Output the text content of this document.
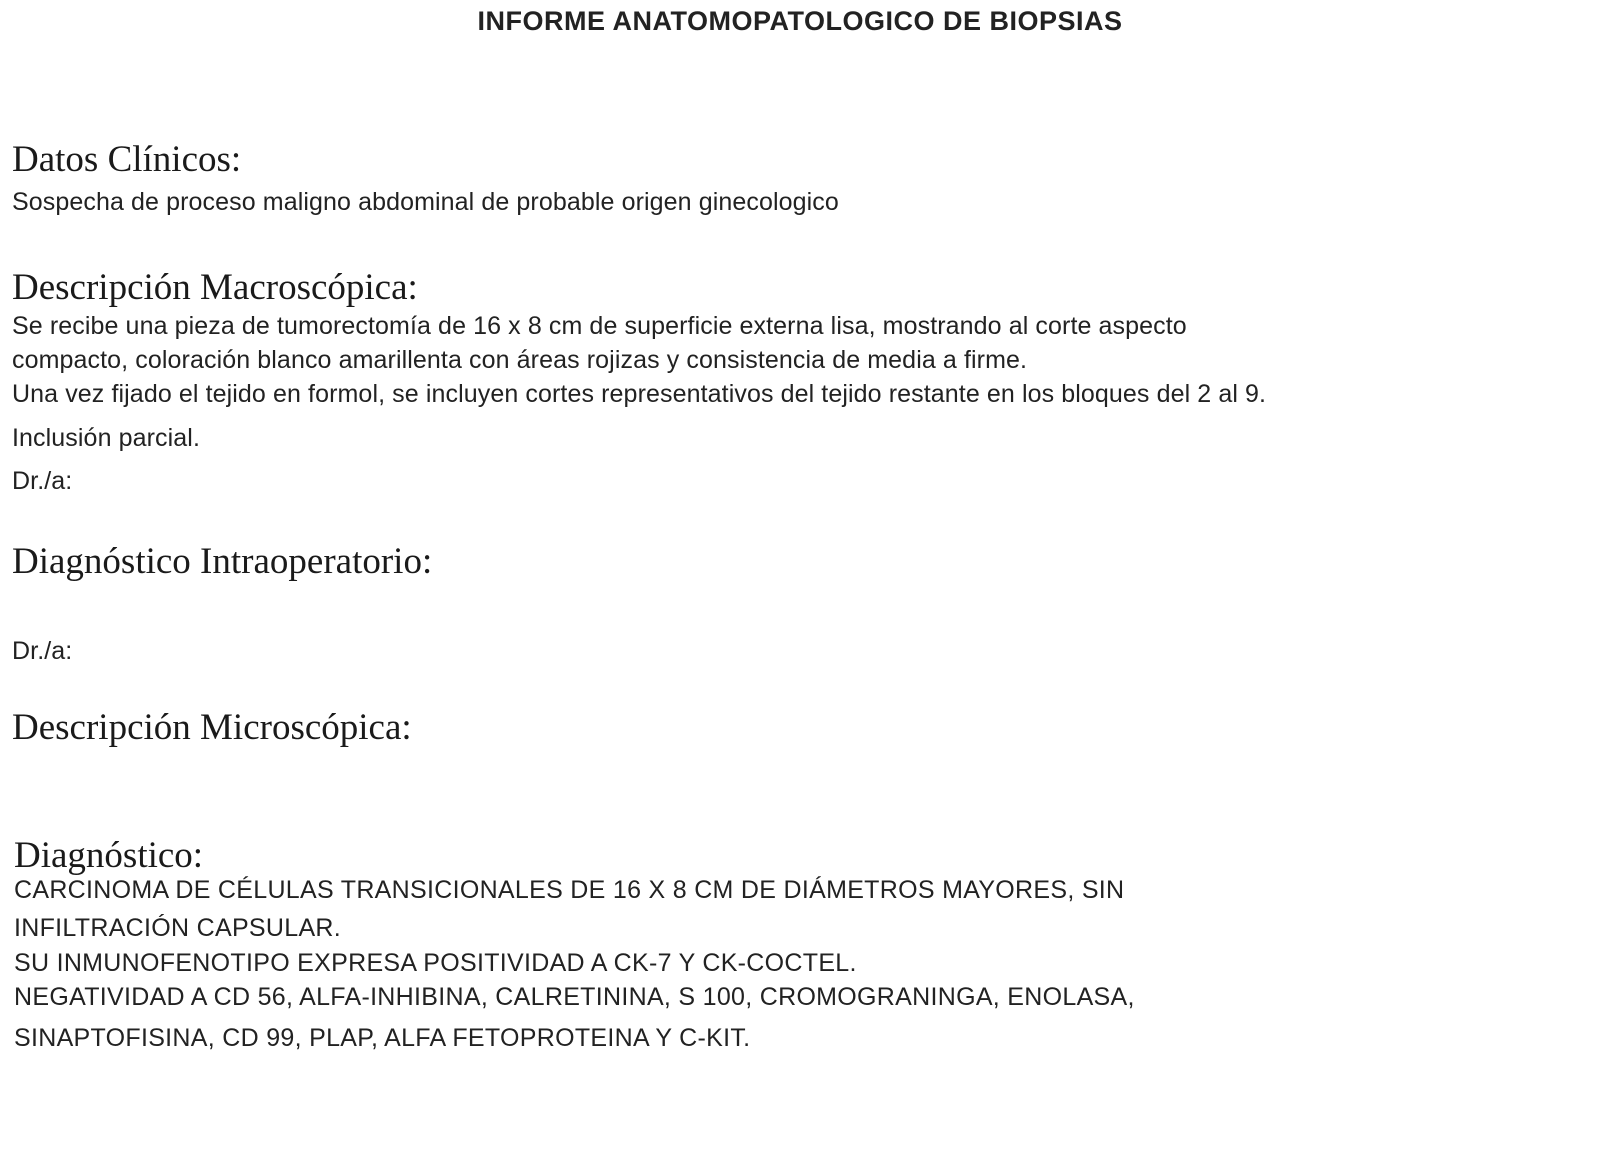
INFORME ANATOMOPATOLOGICO DE BIOPSIAS
Datos Clínicos:
Sospecha de proceso maligno abdominal de probable origen ginecologico
Descripción Macroscópica:
Se recibe una pieza de tumorectomía de 16 x 8 cm de superficie externa lisa, mostrando al corte aspecto
compacto, coloración blanco amarillenta con áreas rojizas y consistencia de media a firme.
Una vez fijado el tejido en formol, se incluyen cortes representativos del tejido restante en los bloques del 2 al 9.
Inclusión parcial.
Dr./a:
Diagnóstico Intraoperatorio:
Dr./a:
Descripción Microscópica:
Diagnóstico:
CARCINOMA DE CÉLULAS TRANSICIONALES DE 16 X 8 CM DE DIÁMETROS MAYORES, SIN
INFILTRACIÓN CAPSULAR.
SU INMUNOFENOTIPO EXPRESA POSITIVIDAD A CK-7 Y CK-COCTEL.
NEGATIVIDAD A CD 56, ALFA-INHIBINA, CALRETININA, S 100, CROMOGRANINGA, ENOLASA,
SINAPTOFISINA, CD 99, PLAP, ALFA FETOPROTEINA Y C-KIT.
